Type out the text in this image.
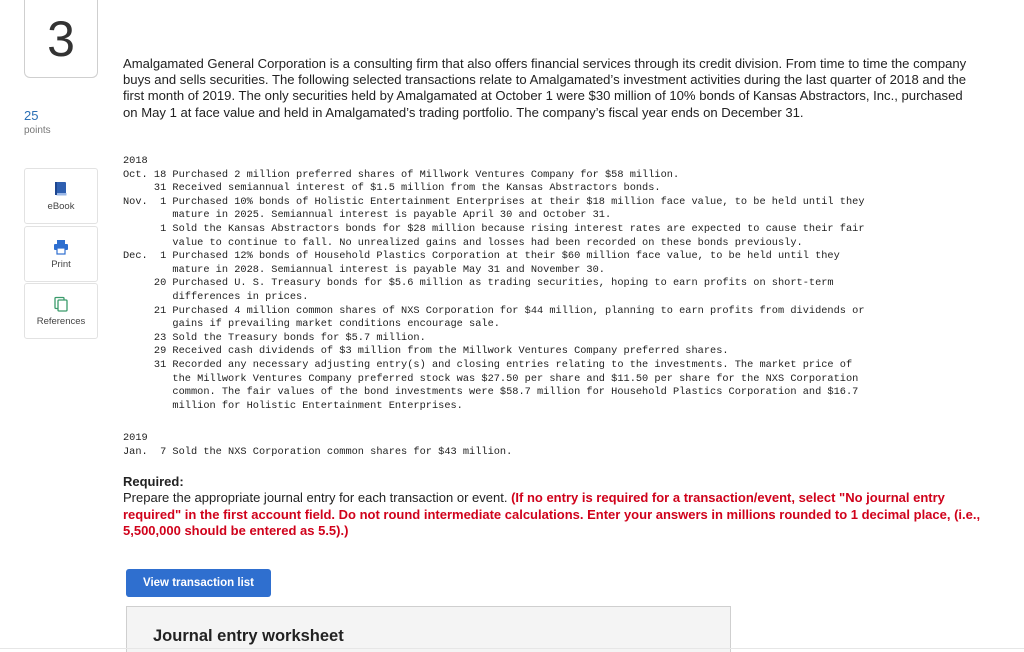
3
25
points
eBook
Print
References
Amalgamated General Corporation is a consulting firm that also offers financial services through its credit division. From time to time the company buys and sells securities. The following selected transactions relate to Amalgamated’s investment activities during the last quarter of 2018 and the first month of 2019. The only securities held by Amalgamated at October 1 were $30 million of 10% bonds of Kansas Abstractors, Inc., purchased on May 1 at face value and held in Amalgamated’s trading portfolio. The company’s fiscal year ends on December 31.
2018
Oct. 18 Purchased 2 million preferred shares of Millwork Ventures Company for $58 million.
31 Received semiannual interest of $1.5 million from the Kansas Abstractors bonds.
Nov.  1 Purchased 10% bonds of Holistic Entertainment Enterprises at their $18 million face value, to be held until they
mature in 2025. Semiannual interest is payable April 30 and October 31.
1 Sold the Kansas Abstractors bonds for $28 million because rising interest rates are expected to cause their fair
value to continue to fall. No unrealized gains and losses had been recorded on these bonds previously.
Dec.  1 Purchased 12% bonds of Household Plastics Corporation at their $60 million face value, to be held until they
mature in 2028. Semiannual interest is payable May 31 and November 30.
20 Purchased U. S. Treasury bonds for $5.6 million as trading securities, hoping to earn profits on short-term
differences in prices.
21 Purchased 4 million common shares of NXS Corporation for $44 million, planning to earn profits from dividends or
gains if prevailing market conditions encourage sale.
23 Sold the Treasury bonds for $5.7 million.
29 Received cash dividends of $3 million from the Millwork Ventures Company preferred shares.
31 Recorded any necessary adjusting entry(s) and closing entries relating to the investments. The market price of
the Millwork Ventures Company preferred stock was $27.50 per share and $11.50 per share for the NXS Corporation
common. The fair values of the bond investments were $58.7 million for Household Plastics Corporation and $16.7
million for Holistic Entertainment Enterprises.
2019
Jan.  7 Sold the NXS Corporation common shares for $43 million.
Required:
Prepare the appropriate journal entry for each transaction or event. (If no entry is required for a transaction/event, select "No journal entry required" in the first account field. Do not round intermediate calculations. Enter your answers in millions rounded to 1 decimal place, (i.e., 5,500,000 should be entered as 5.5).)
View transaction list
Journal entry worksheet
